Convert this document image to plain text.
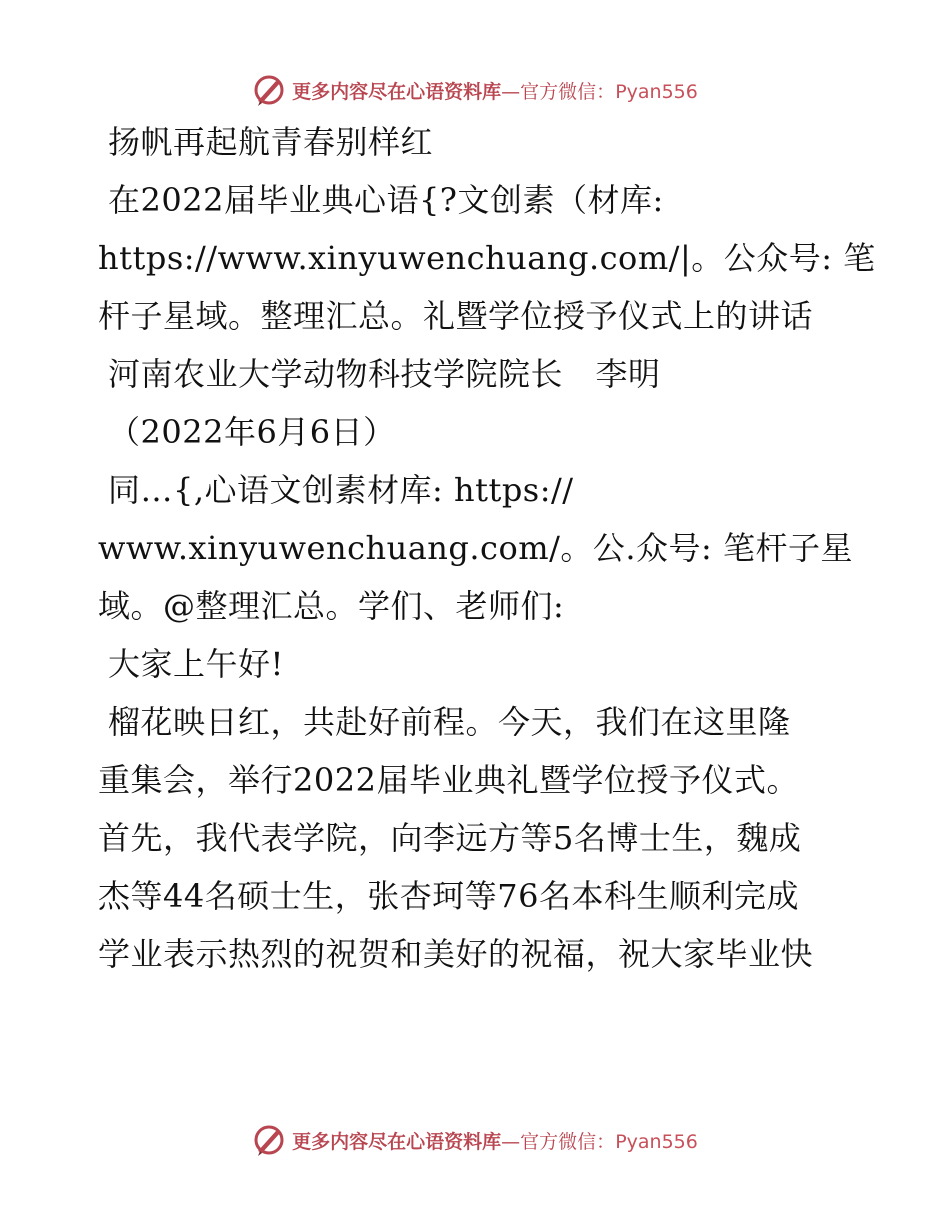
更多内容尽在心语资料库—官方微信：Pyan556
扬帆再起航青春别样红
在2022届毕业典心语{?文创素（材库:
https://www.xinyuwenchuang.com/|。公众号: 笔
杆子星域。整理汇总。礼暨学位授予仪式上的讲话
河南农业大学动物科技学院院长　李明
（2022年6月6日）
同…{,心语文创素材库: https://
www.xinyuwenchuang.com/。公.众号: 笔杆子星
域。@整理汇总。学们、老师们:
大家上午好!
榴花映日红，共赴好前程。今天，我们在这里隆
重集会，举行2022届毕业典礼暨学位授予仪式。
首先，我代表学院，向李远方等5名博士生，魏成
杰等44名硕士生，张杏珂等76名本科生顺利完成
学业表示热烈的祝贺和美好的祝福，祝大家毕业快
更多内容尽在心语资料库—官方微信：Pyan556
